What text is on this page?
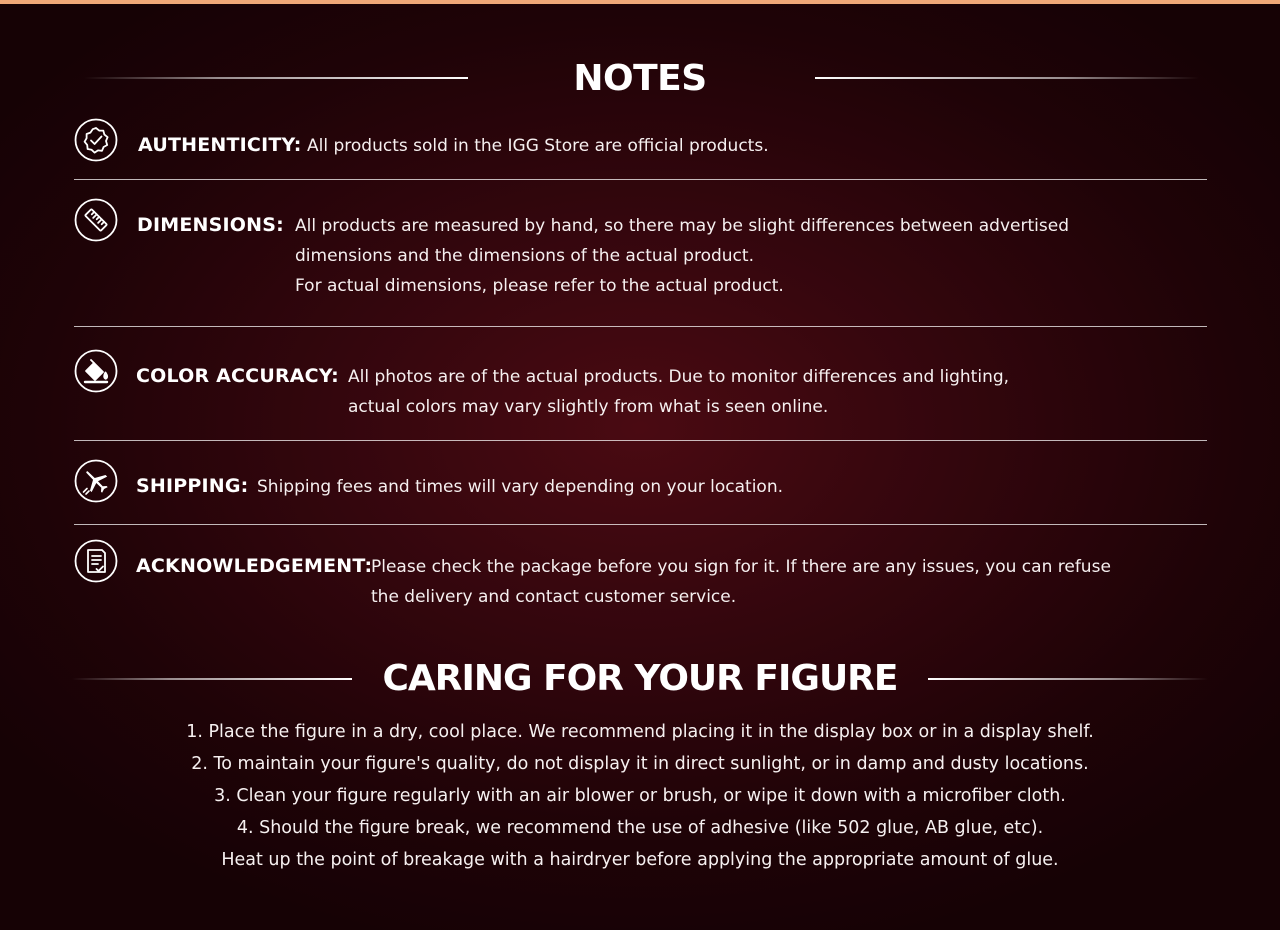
NOTES
AUTHENTICITY: All products sold in the IGG Store are official products.
DIMENSIONS: All products are measured by hand, so there may be slight differences between advertised
dimensions and the dimensions of the actual product.
For actual dimensions, please refer to the actual product.
COLOR ACCURACY: All photos are of the actual products. Due to monitor differences and lighting,
actual colors may vary slightly from what is seen online.
SHIPPING: Shipping fees and times will vary depending on your location.
ACKNOWLEDGEMENT:
Please check the package before you sign for it. If there are any issues, you can refuse
the delivery and contact customer service.
CARING FOR YOUR FIGURE
1. Place the figure in a dry, cool place. We recommend placing it in the display box or in a display shelf.
2. To maintain your figure's quality, do not display it in direct sunlight, or in damp and dusty locations.
3. Clean your figure regularly with an air blower or brush, or wipe it down with a microfiber cloth.
4. Should the figure break, we recommend the use of adhesive (like 502 glue, AB glue, etc).
Heat up the point of breakage with a hairdryer before applying the appropriate amount of glue.
